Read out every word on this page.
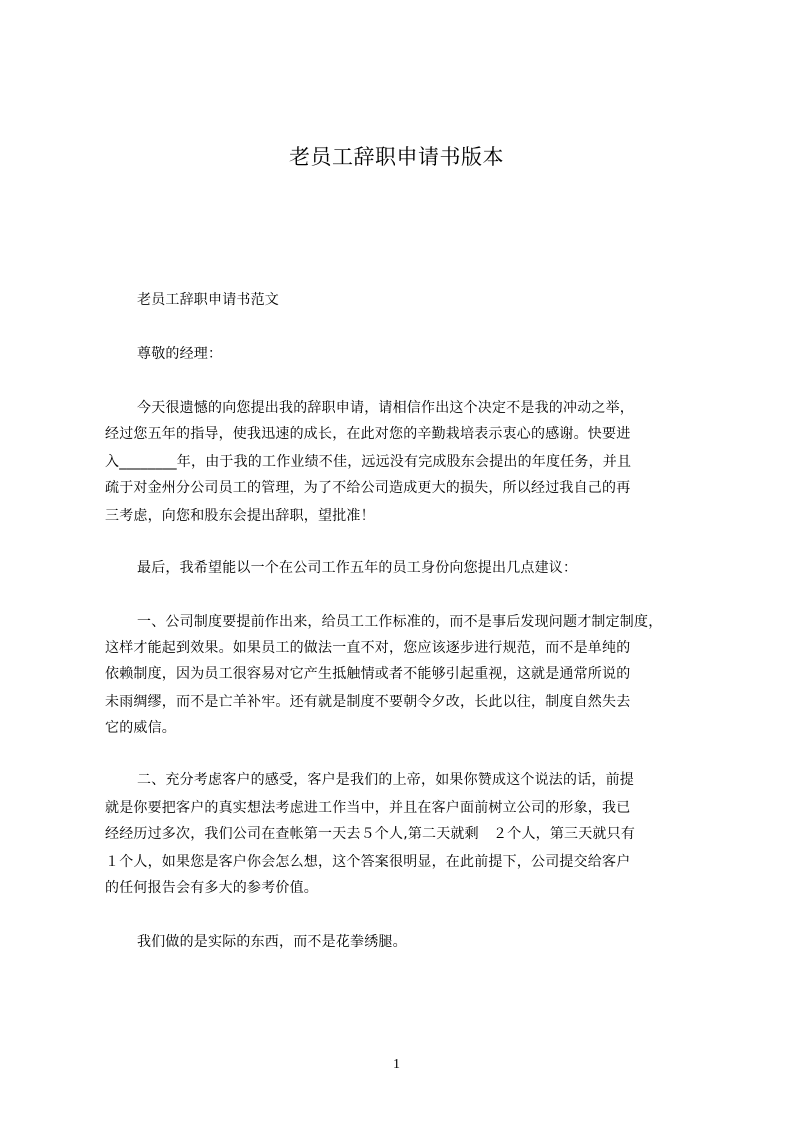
老员工辞职申请书版本
老员工辞职申请书范文
尊敬的经理：
今天很遗憾的向您提出我的辞职申请，请相信作出这个决定不是我的冲动之举，
经过您五年的指导，使我迅速的成长，在此对您的辛勤栽培表示衷心的感谢。快要进
入________年，由于我的工作业绩不佳，远远没有完成股东会提出的年度任务，并且
疏于对金州分公司员工的管理，为了不给公司造成更大的损失，所以经过我自己的再
三考虑，向您和股东会提出辞职，望批准！
最后，我希望能以一个在公司工作五年的员工身份向您提出几点建议：
一、公司制度要提前作出来，给员工工作标准的，而不是事后发现问题才制定制度，
这样才能起到效果。如果员工的做法一直不对，您应该逐步进行规范，而不是单纯的
依赖制度，因为员工很容易对它产生抵触情或者不能够引起重视，这就是通常所说的
未雨绸缪，而不是亡羊补牢。还有就是制度不要朝令夕改，长此以往，制度自然失去
它的威信。
二、充分考虑客户的感受，客户是我们的上帝，如果你赞成这个说法的话，前提
就是你要把客户的真实想法考虑进工作当中，并且在客户面前树立公司的形象，我已
经经历过多次，我们公司在查帐第一天去５个人,第二天就剩　２个人，第三天就只有
１个人，如果您是客户你会怎么想，这个答案很明显，在此前提下，公司提交给客户
的任何报告会有多大的参考价值。
我们做的是实际的东西，而不是花拳绣腿。
1
